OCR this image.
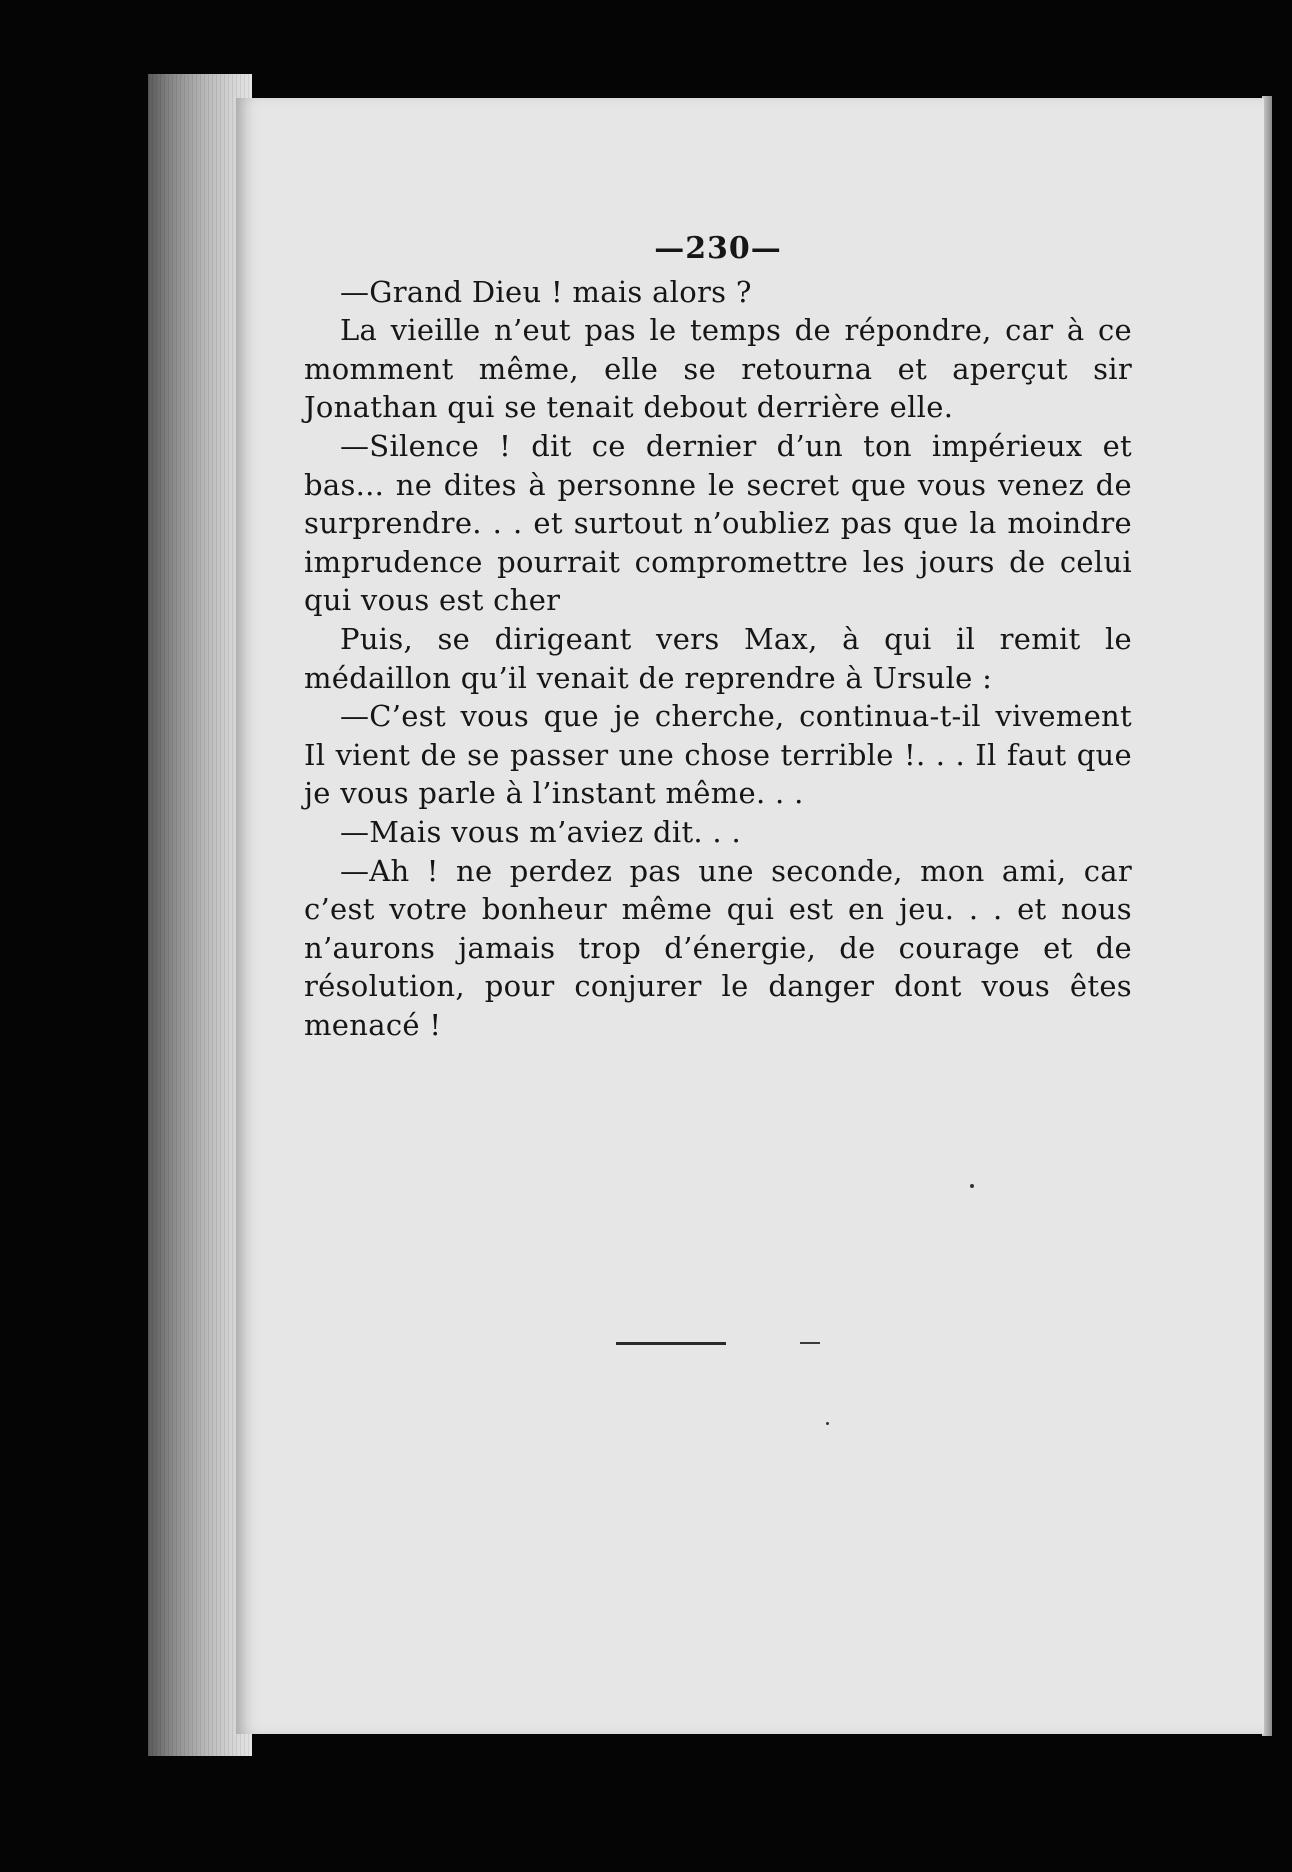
—230—

—Grand Dieu ! mais alors ?

La vieille n’eut pas le temps de répondre, car à ce momment même, elle se retourna et aperçut sir Jonathan qui se tenait debout derrière elle.

—Silence ! dit ce dernier d’un ton impérieux et bas... ne dites à personne le secret que vous venez de surprendre. . . et surtout n’oubliez pas que la moindre imprudence pourrait compromettre les jours de celui qui vous est cher

Puis, se dirigeant vers Max, à qui il remit le médaillon qu’il venait de reprendre à Ursule :

—C’est vous que je cherche, continua-t-il vivement Il vient de se passer une chose terrible !. . . Il faut que je vous parle à l’instant même. . .

—Mais vous m’aviez dit. . .

—Ah ! ne perdez pas une seconde, mon ami, car c’est votre bonheur même qui est en jeu. . . et nous n’aurons jamais trop d’énergie, de courage et de résolution, pour conjurer le danger dont vous êtes menacé !
